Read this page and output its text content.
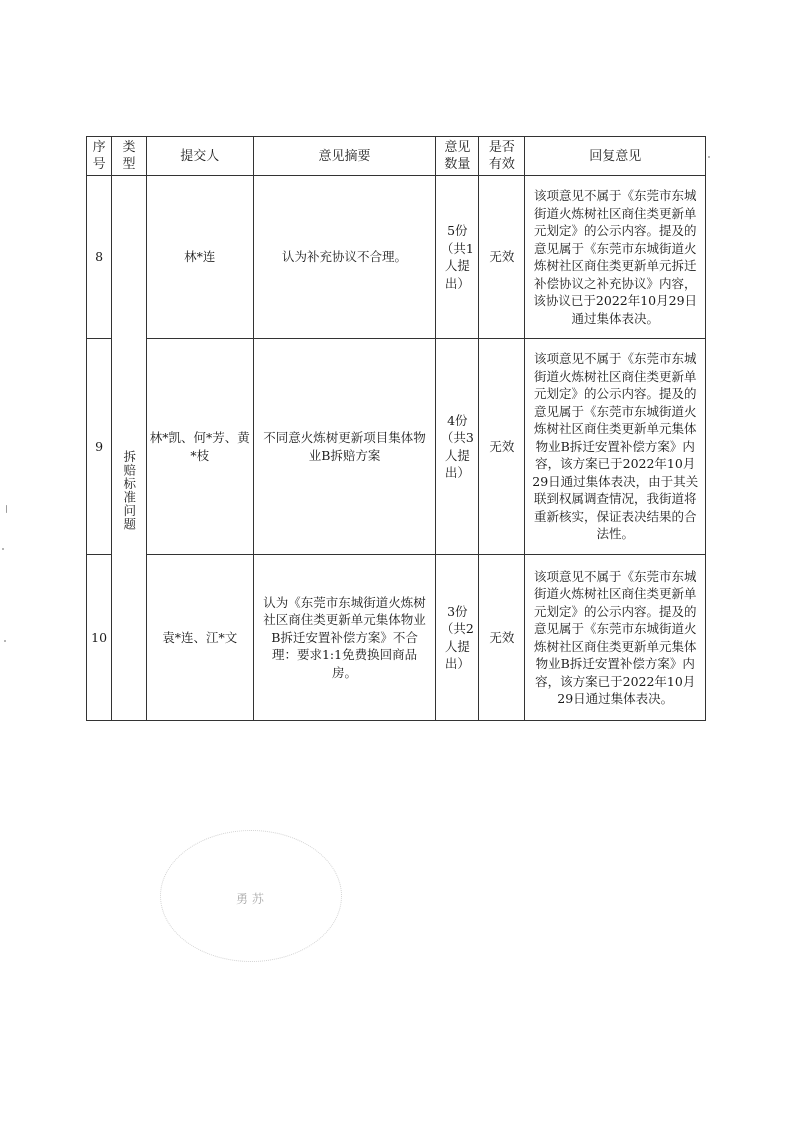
序号	类型	提交人	意见摘要	意见数量	是否有效	回复意见
8	拆赔标准问题	林*连	认为补充协议不合理。	5份（共1人提出）	无效	该项意见不属于《东莞市东城街道火炼树社区商住类更新单元划定》的公示内容。提及的意见属于《东莞市东城街道火炼树社区商住类更新单元拆迁补偿协议之补充协议》内容，该协议已于2022年10月29日通过集体表决。
9		林*凯、何*芳、黄*枝	不同意火炼树更新项目集体物业B拆赔方案	4份（共3人提出）	无效	该项意见不属于《东莞市东城街道火炼树社区商住类更新单元划定》的公示内容。提及的意见属于《东莞市东城街道火炼树社区商住类更新单元集体物业B拆迁安置补偿方案》内容，该方案已于2022年10月29日通过集体表决，由于其关联到权属调查情况，我街道将重新核实，保证表决结果的合法性。
10		袁*连、江*文	认为《东莞市东城街道火炼树社区商住类更新单元集体物业B拆迁安置补偿方案》不合理：要求1:1免费换回商品房。	3份（共2人提出）	无效	该项意见不属于《东莞市东城街道火炼树社区商住类更新单元划定》的公示内容。提及的意见属于《东莞市东城街道火炼树社区商住类更新单元集体物业B拆迁安置补偿方案》内容，该方案已于2022年10月29日通过集体表决。
勇 苏
